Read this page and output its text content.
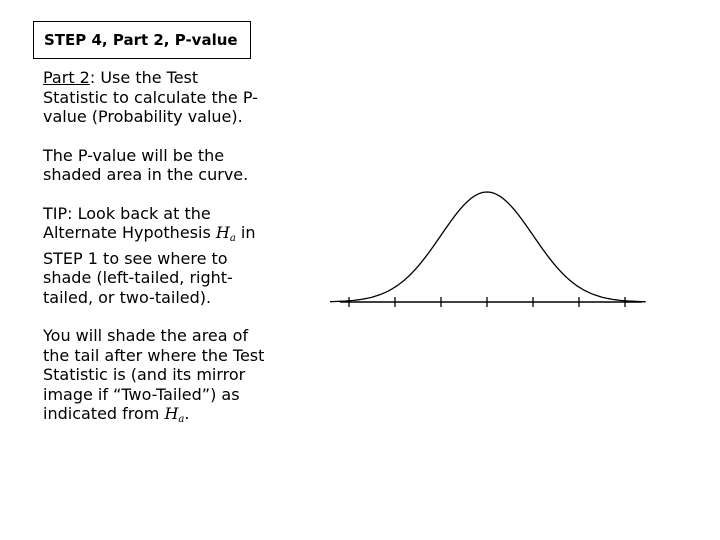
STEP 4, Part 2, P-value

Part 2: Use the Test Statistic to calculate the P-value (Probability value).

The P-value will be the shaded area in the curve.

TIP: Look back at the Alternate Hypothesis $H_a$ in STEP 1 to see where to shade (left-tailed, right-tailed, or two-tailed).

You will shade the area of the tail after where the Test Statistic is (and its mirror image if “Two-Tailed”) as indicated from $H_a$.
